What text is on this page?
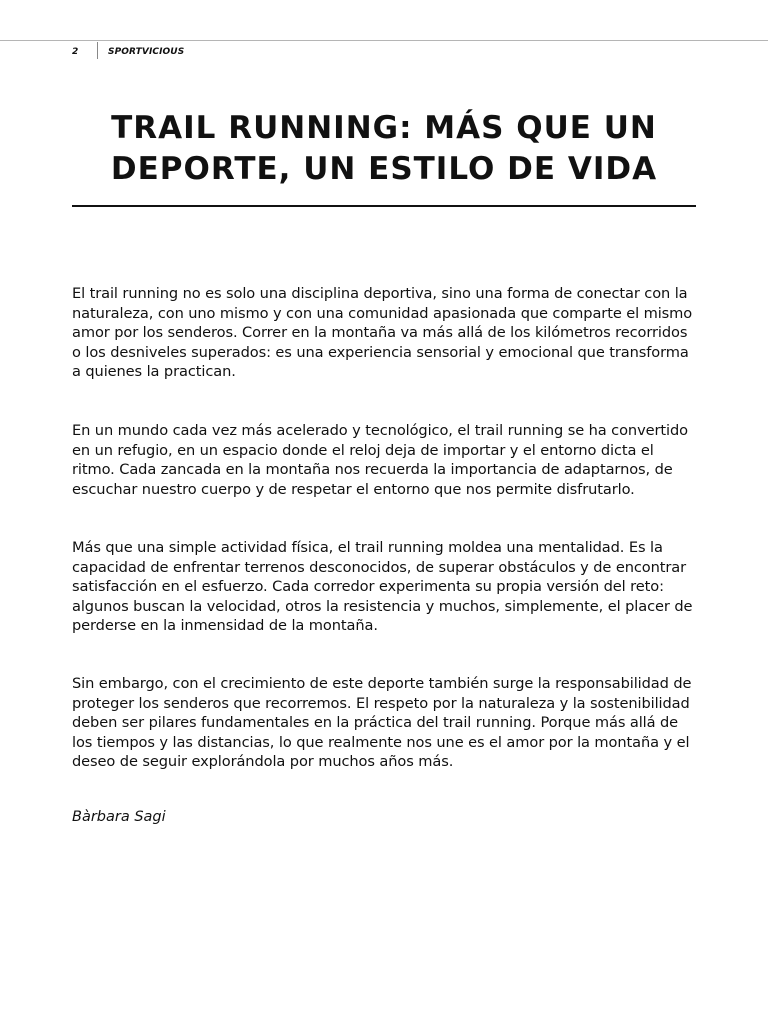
2	SPORTVICIOUS
TRAIL RUNNING: MÁS QUE UN
DEPORTE, UN ESTILO DE VIDA

El trail running no es solo una disciplina deportiva, sino una forma de conectar con la naturaleza, con uno mismo y con una comunidad apasionada que comparte el mismo amor por los senderos. Correr en la montaña va más allá de los kilómetros recorridos o los desniveles superados: es una experiencia sensorial y emocional que transforma a quienes la practican.

En un mundo cada vez más acelerado y tecnológico, el trail running se ha convertido en un refugio, en un espacio donde el reloj deja de importar y el entorno dicta el ritmo. Cada zancada en la montaña nos recuerda la importancia de adaptarnos, de escuchar nuestro cuerpo y de respetar el entorno que nos permite disfrutarlo.

Más que una simple actividad física, el trail running moldea una mentalidad. Es la capacidad de enfrentar terrenos desconocidos, de superar obstáculos y de encontrar satisfacción en el esfuerzo. Cada corredor experimenta su propia versión del reto: algunos buscan la velocidad, otros la resistencia y muchos, simplemente, el placer de perderse en la inmensidad de la montaña.

Sin embargo, con el crecimiento de este deporte también surge la responsabilidad de proteger los senderos que recorremos. El respeto por la naturaleza y la sostenibilidad deben ser pilares fundamentales en la práctica del trail running. Porque más allá de los tiempos y las distancias, lo que realmente nos une es el amor por la montaña y el deseo de seguir explorándola por muchos años más.

Bàrbara Sagi
